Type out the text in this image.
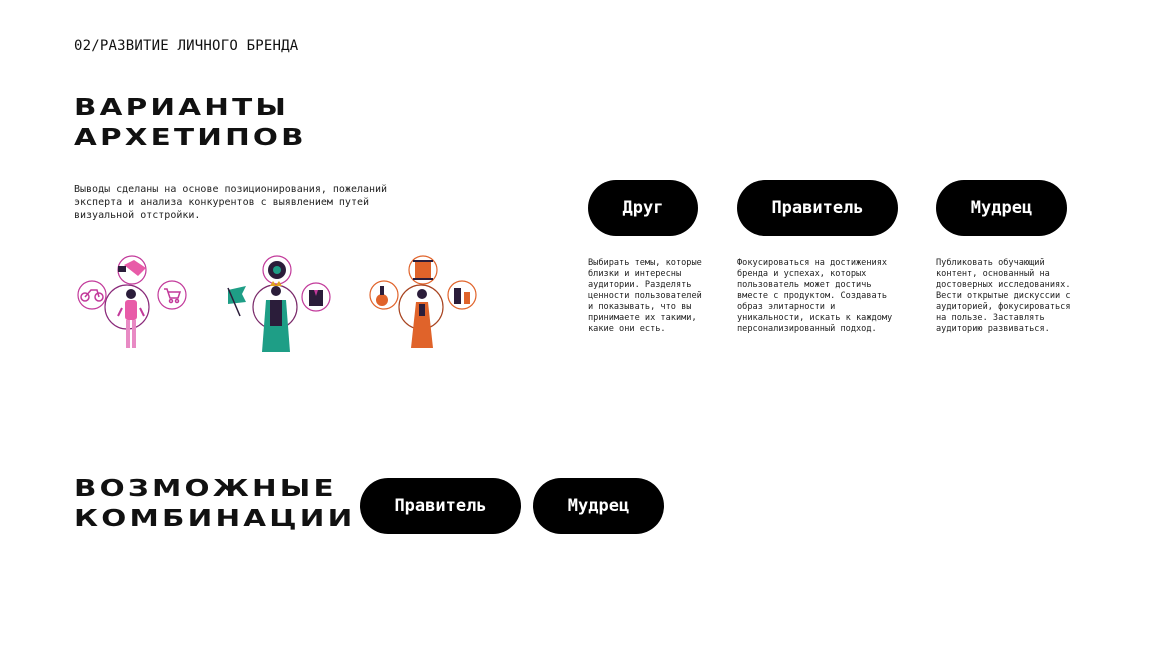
02/РАЗВИТИЕ ЛИЧНОГО БРЕНДА
ВАРИАНТЫ
АРХЕТИПОВ
Выводы сделаны на основе позиционирования, пожеланий эксперта и анализа конкурентов с выявлением путей визуальной отстройки.	Друг	Правитель	Мудрец
Выбирать темы, которые близки и интересны аудитории. Разделять ценности пользователей и показывать, что вы принимаете их такими, какие они есть.
Фокусироваться на достижениях бренда и успехах, которых пользователь может достичь вместе с продуктом. Создавать образ элитарности и уникальности, искать к каждому персонализированный подход.
Публиковать обучающий контент, основанный на достоверных исследованиях. Вести открытые дискуссии с аудиторией, фокусироваться на пользе. Заставлять аудиторию развиваться.
ВОЗМОЖНЫЕ
КОМБИНАЦИИ	Правитель	Мудрец
